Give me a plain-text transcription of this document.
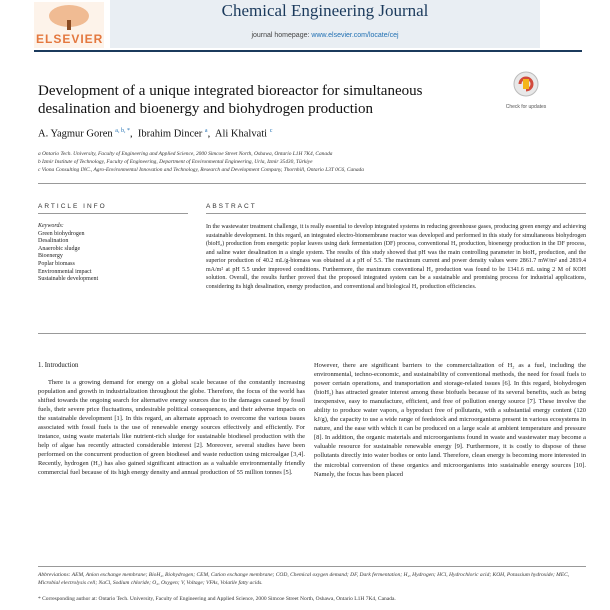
ELSEVIER
Chemical Engineering Journal
journal homepage: www.elsevier.com/locate/cej
Development of a unique integrated bioreactor for simultaneous desalination and bioenergy and biohydrogen production	Check for updates
A. Yagmur Goren $^{a, b, *}$,  Ibrahim Dincer $^a$,  Ali Khalvati $^c$
a Ontario Tech. University, Faculty of Engineering and Applied Science, 2000 Simcoe Street North, Oshawa, Ontario L1H 7K4, Canada
b Izmir Institute of Technology, Faculty of Engineering, Department of Environmental Engineering, Urla, Izmir 35430, Türkiye
c Viona Consulting INC., Agro-Environmental Innovation and Technology, Research and Development Company, Thornhill, Ontario L3T 0C6, Canada
ARTICLE INFO	ABSTRACT
Keywords:
Green biohydrogen
Desalination
Anaerobic sludge
Bioenergy
Poplar biomass
Environmental impact
Sustainable development
In the wastewater treatment challenge, it is really essential to develop integrated systems in reducing greenhouse gases, producing green energy and achieving sustainable development. In this regard, an integrated electro-biomembrane reactor was developed and performed in this study for simultaneous biohydrogen (bioH₂) production from energetic poplar leaves using dark fermentation (DF) process, conventional H₂ production, bioenergy production in the DF process, and saline water desalination in a single system. The results of this study showed that pH was the main controlling parameter in bioH₂ production, and the superior production of 40.2 mL/g-biomass was obtained at a pH of 5.5. The maximum current and power density values were 2861.7 mW/m² and 2819.4 mA/m² at pH 5.5 under improved conditions. Furthermore, the maximum conventional H₂ production was found to be 1341.6 mL using 2 M of KOH solution. Overall, the results further proved that the proposed integrated system can be a sustainable and promising process for industrial applications, considering its high desalination, energy production, and conventional and biological H₂ production efficiencies.
1. Introduction
There is a growing demand for energy on a global scale because of the constantly increasing population and growth in industrialization throughout the globe. Therefore, the focus of the world has shifted towards the ongoing search for alternative energy sources due to the damages caused by fossil fuels, their severe price fluctuations, undesirable political consequences, and their adverse impacts on the sustainable development [1]. In this regard, an alternate approach to overcome the various issues associated with fossil fuels is the use of renewable energy sources effectively and efficiently. For instance, using waste materials like nutrient-rich sludge for sustainable biodiesel production with the help of algae has recently attracted considerable interest [2]. Moreover, several studies have been performed on the concurrent production of green biodiesel and waste reduction using microalgae [3,4]. Recently, hydrogen (H₂) has also gained significant attraction as a valuable environmentally friendly commercial fuel because of its high energy density and annual production of 55 million tonnes [5].
However, there are significant barriers to the commercialization of H₂ as a fuel, including the environmental, techno-economic, and sustainability of conventional methods, the need for fossil fuels to power certain operations, and transportation and storage-related issues [6]. In this regard, biohydrogen (bioH₂) has attracted greater interest among these biofuels because of its several benefits, such as being inexpensive, easy to manufacture, efficient, and free of pollution energy source [7]. These involve the ability to produce water vapors, a byproduct free of pollutants, with a substantial energy content (120 kJ/g), the capacity to use a wide range of feedstock and microorganisms present in various ecosystems in nature, and the ease with which it can be produced on a large scale at ambient temperature and pressure [8]. In addition, the organic materials and microorganisms found in waste and wastewater may become a valuable resource for sustainable renewable energy [9]. Furthermore, it is costly to dispose of these pollutants directly into water bodies or onto land. Therefore, clean energy is becoming more interested in the microbial conversion of these organics and microorganisms into sustainable energy sources [10]. Namely, the focus has been placed
Abbreviations: AEM, Anion exchange membrane; BioH₂, Biohydrogen; CEM, Cation exchange membrane; COD, Chemical oxygen demand; DF, Dark fermentation; H₂, Hydrogen; HCl, Hydrochloric acid; KOH, Potassium hydroxide; MEC, Microbial electrolysis cell; NaCl, Sodium chloride; O₂, Oxygen; V, Voltage; VFAs, Volatile fatty acids.
* Corresponding author at: Ontario Tech. University, Faculty of Engineering and Applied Science, 2000 Simcoe Street North, Oshawa, Ontario L1H 7K4, Canada.
